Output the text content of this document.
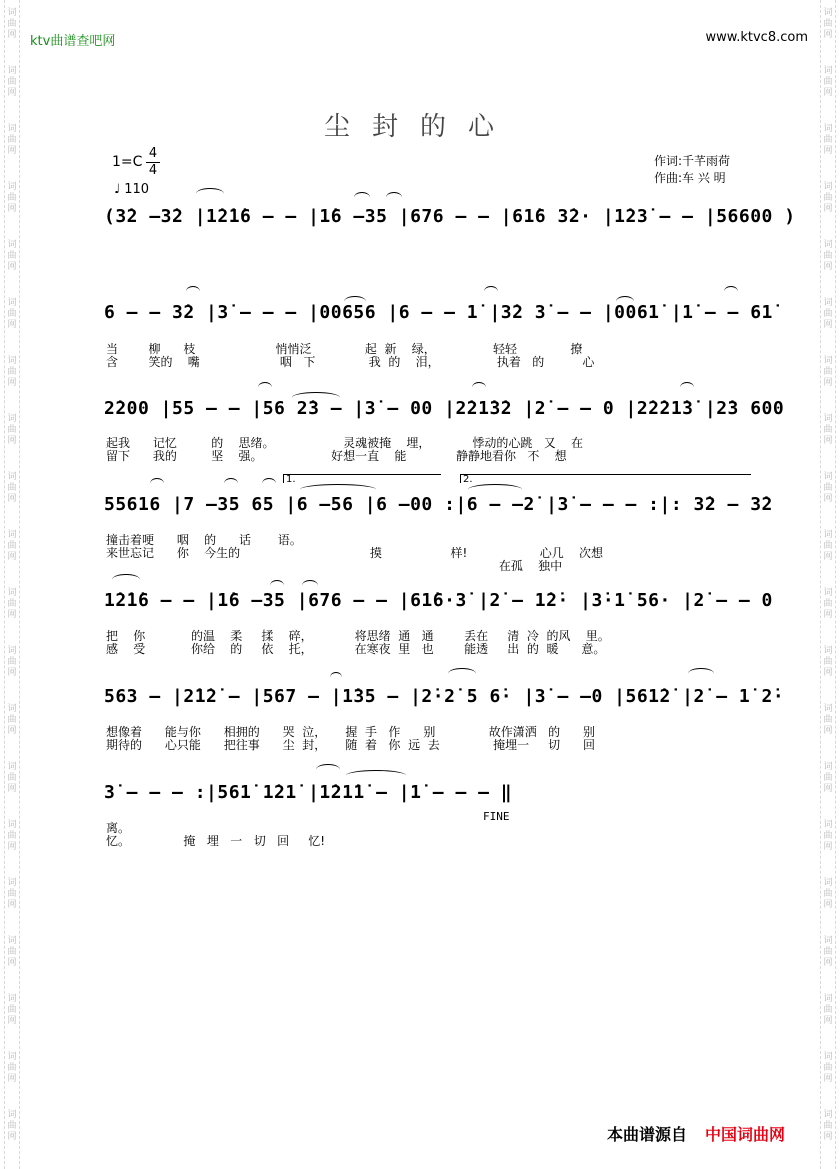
词
曲
网
词
曲
网
词
曲
网
词
曲
网
词
曲
网
词
曲
网
词
曲
网
词
曲
网
词
曲
网
词
曲
网
词
曲
网
词
曲
网
词
曲
网
词
曲
网
词
曲
网
词
曲
网
词
曲
网
词
曲
网
词
曲
网
词
曲
网
词
曲
网
词
曲
网
词
曲
网
词
曲
网
词
曲
网
词
曲
网
词
曲
网
词
曲
网
词
曲
网
词
曲
网
词
曲
网
词
曲
网
词
曲
网
词
曲
网
词
曲
网
词
曲
网
词
曲
网
词
曲
网
词
曲
网
词
曲
网
ktv曲谱查吧网	www.ktvc8.com
尘封的心
1=C
4
4
♩ 110
作词:千芊雨荷
作曲:车 兴 明
(3̇2 –3̇2 |1̇2̇1̇6 – – |1̇6 –35 |676 – – |61̇6 3̇2· |1̇23̇ – – |56600 )
6 – – 3̇2 |3̇ – – – |00656 |6 – – 1̇ |3̇2 3̇ – – |0061̇ |1̇ – – 61̇
当        柳      枝                     悄悄泛              起  新    绿，               轻轻              撩
含        笑的    嘴                     咽   下              我  的    泪，               执着   的          心
2̇200 |55 – – |56 2̇3 – |3̇ – 00 |2̇21̇3̇2 |2̇ – – 0 |2̇2̇21̇3̇ |2̇3 600
起我      记忆         的    思绪。                  灵魂被掩    埋，           悸动的心跳   又    在
留下      我的         坚    强。                  好想一直    能             静静地看你   不    想
1.	2.
55616 |7 –35 65 |6 –56 |6 –00 :|6 – –2̇ |3̇ – – – :|: 3̇2 – 3̇2
撞击着哽      咽    的      话       语。
来世忘记      你    今生的                                  摸                  样!                   心几    次想
在孤    独中
1̇2̇1̇6 – – |1̇6 –35 |676 – – |61̇6·3̇ |2̇ – 1̇2̇· |3̇·1̇ 56· |2̇ – – 0
把    你            的温    柔     揉    碎，           将思绪  通   通        丢在     清  冷  的风    里。
感    受            你给    的     依    托，           在寒夜  里   也        能透     出  的  暖      意。
563 – |2̇1̇2̇ – |567 – |1̇35 – |2̇·2̇ 5 6̇· |3̇ – –0 |561̇2̇ |2̇ – 1̇ 2̇·
想像着      能与你      相拥的      哭  泣，     握  手   作      别              故作潇洒   的      别
期待的      心只能      把往事      尘  封，     随  着   你  远  去              掩埋一     切      回
3̇ – – – :|561̇ 1̇21̇ |1̇21̇1̇ – |1̇ – – – ‖
FINE
离。
忆。              掩   埋   一   切   回     忆!
本曲谱源自 中国词曲网
